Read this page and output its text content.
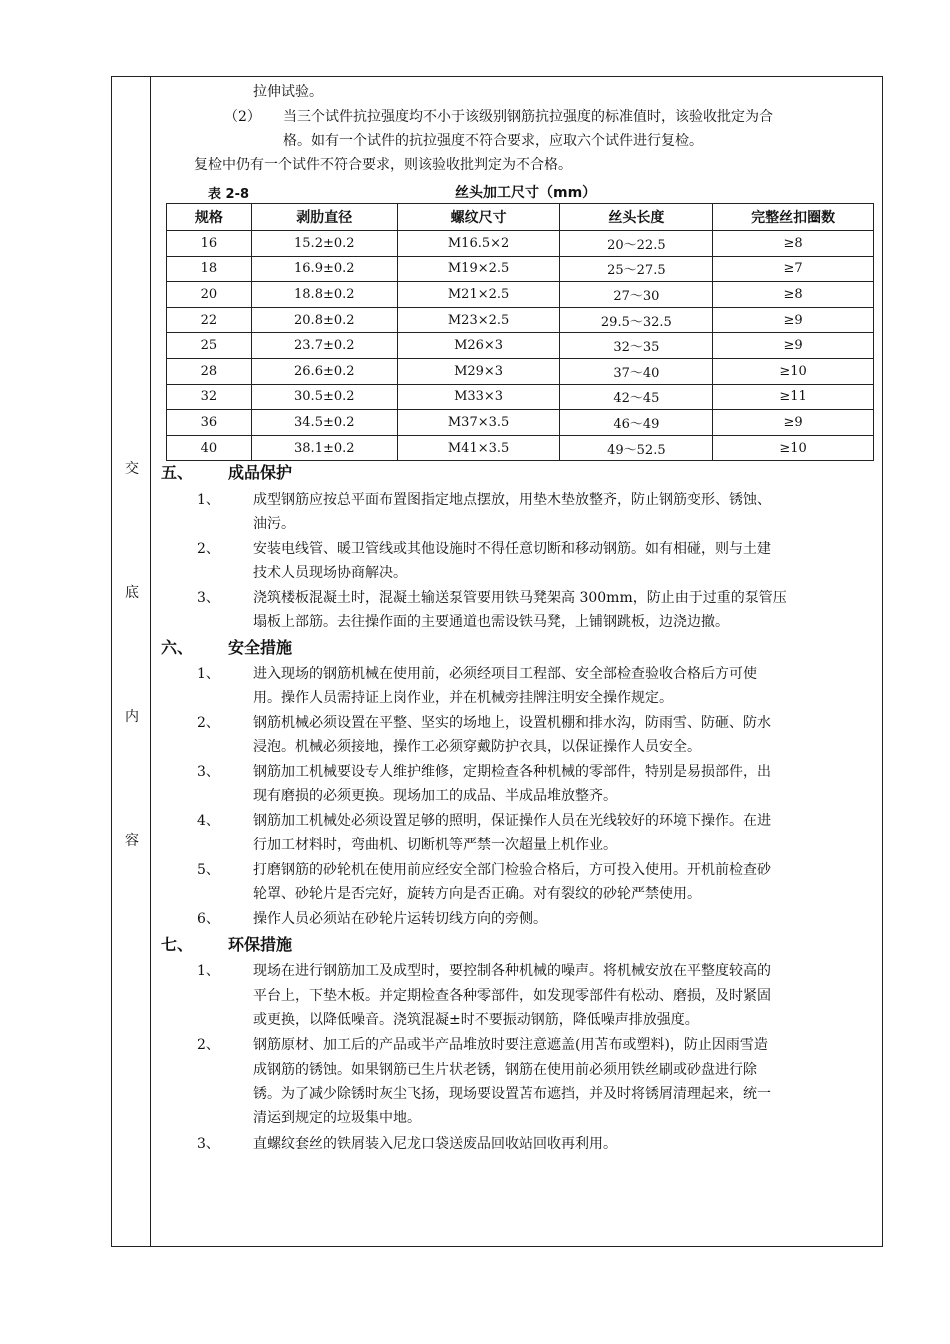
交
底
内
容
拉伸试验。
（2） 当三个试件抗拉强度均不小于该级别钢筋抗拉强度的标准值时，该验收批定为合
格。如有一个试件的抗拉强度不符合要求，应取六个试件进行复检。
复检中仍有一个试件不符合要求，则该验收批判定为不合格。
表 2-8	丝头加工尺寸（mm）
规格	剥肋直径	螺纹尺寸	丝头长度	完整丝扣圈数
16	15.2±0.2	M16.5×2	20～22.5	≥8
18	16.9±0.2	M19×2.5	25～27.5	≥7
20	18.8±0.2	M21×2.5	27～30	≥8
22	20.8±0.2	M23×2.5	29.5～32.5	≥9
25	23.7±0.2	M26×3	32～35	≥9
28	26.6±0.2	M29×3	37～40	≥10
32	30.5±0.2	M33×3	42～45	≥11
36	34.5±0.2	M37×3.5	46～49	≥9
40	38.1±0.2	M41×3.5	49～52.5	≥10
五、 成品保护
1、 成型钢筋应按总平面布置图指定地点摆放，用垫木垫放整齐，防止钢筋变形、锈蚀、
油污。
2、 安装电线管、暖卫管线或其他设施时不得任意切断和移动钢筋。如有相碰，则与土建
技术人员现场协商解决。
3、 浇筑楼板混凝土时，混凝土输送泵管要用铁马凳架高 300mm，防止由于过重的泵管压
塌板上部筋。去往操作面的主要通道也需设铁马凳，上铺钢跳板，边浇边撤。
六、 安全措施
1、 进入现场的钢筋机械在使用前，必须经项目工程部、安全部检查验收合格后方可使
用。操作人员需持证上岗作业，并在机械旁挂牌注明安全操作规定。
2、 钢筋机械必须设置在平整、坚实的场地上，设置机棚和排水沟，防雨雪、防砸、防水
浸泡。机械必须接地，操作工必须穿戴防护衣具，以保证操作人员安全。
3、 钢筋加工机械要设专人维护维修，定期检查各种机械的零部件，特别是易损部件，出
现有磨损的必须更换。现场加工的成品、半成品堆放整齐。
4、 钢筋加工机械处必须设置足够的照明，保证操作人员在光线较好的环境下操作。在进
行加工材料时，弯曲机、切断机等严禁一次超量上机作业。
5、 打磨钢筋的砂轮机在使用前应经安全部门检验合格后，方可投入使用。开机前检查砂
轮罩、砂轮片是否完好，旋转方向是否正确。对有裂纹的砂轮严禁使用。
6、 操作人员必须站在砂轮片运转切线方向的旁侧。
七、 环保措施
1、 现场在进行钢筋加工及成型时，要控制各种机械的噪声。将机械安放在平整度较高的
平台上，下垫木板。并定期检查各种零部件，如发现零部件有松动、磨损，及时紧固
或更换，以降低噪音。浇筑混凝±时不要振动钢筋，降低噪声排放强度。
2、 钢筋原材、加工后的产品或半产品堆放时要注意遮盖(用苫布或塑料)，防止因雨雪造
成钢筋的锈蚀。如果钢筋已生片状老锈，钢筋在使用前必须用铁丝刷或砂盘进行除
锈。为了减少除锈时灰尘飞扬，现场要设置苫布遮挡，并及时将锈屑清理起来，统一
清运到规定的垃圾集中地。
3、 直螺纹套丝的铁屑装入尼龙口袋送废品回收站回收再利用。
